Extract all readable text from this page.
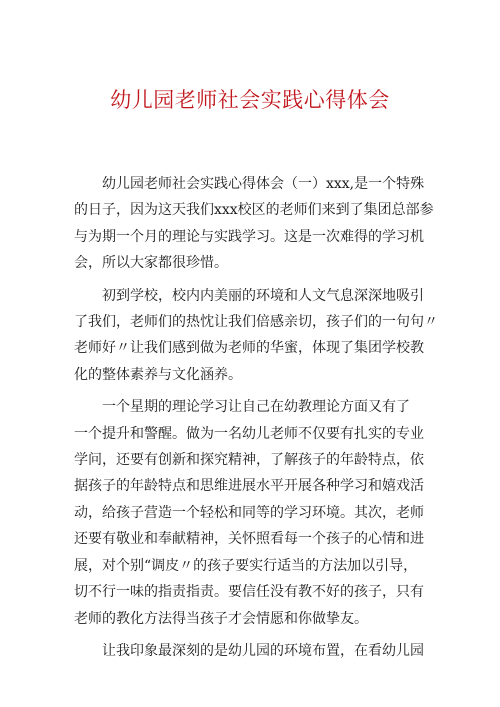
幼儿园老师社会实践心得体会

幼儿园老师社会实践心得体会（一）xxx,是一个特殊
的日子，因为这天我们xxx校区的老师们来到了集团总部参
与为期一个月的理论与实践学习。这是一次难得的学习机
会，所以大家都很珍惜。

初到学校，校内内美丽的环境和人文气息深深地吸引
了我们，老师们的热忱让我们倍感亲切，孩子们的一句句〃
老师好〃让我们感到做为老师的华蜜，体现了集团学校教
化的整体素养与文化涵养。

一个星期的理论学习让自己在幼教理论方面又有了
一个提升和警醒。做为一名幼儿老师不仅要有扎实的专业
学问，还要有创新和探究精神，了解孩子的年龄特点，依
据孩子的年龄特点和思维进展水平开展各种学习和嬉戏活
动，给孩子营造一个轻松和同等的学习环境。其次，老师
还要有敬业和奉献精神，关怀照看每一个孩子的心情和进
展，对个别“调皮〃的孩子要实行适当的方法加以引导，
切不行一味的指责指责。要信任没有教不好的孩子，只有
老师的教化方法得当孩子才会情愿和你做挚友。

让我印象最深刻的是幼儿园的环境布置，在看幼儿园
